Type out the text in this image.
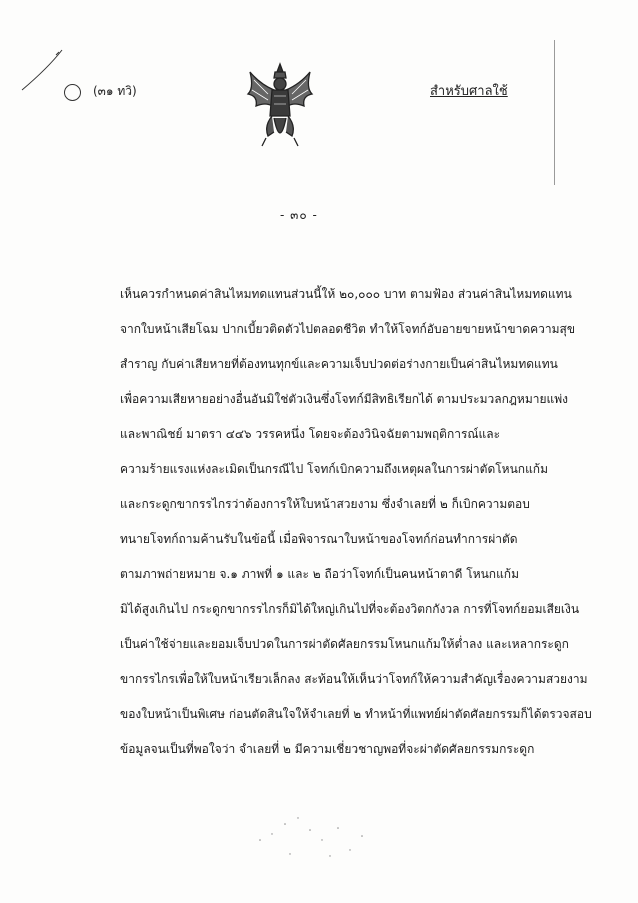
(๓๑ ทวิ)	สำหรับศาลใช้
- ๓๐ -
เห็นควรกำหนดค่าสินไหมทดแทนส่วนนี้ให้ ๒๐,๐๐๐ บาท ตามฟ้อง ส่วนค่าสินไหมทดแทน
จากใบหน้าเสียโฉม ปากเบี้ยวติดตัวไปตลอดชีวิต ทำให้โจทก์อับอายขายหน้าขาดความสุข
สำราญ กับค่าเสียหายที่ต้องทนทุกข์และความเจ็บปวดต่อร่างกายเป็นค่าสินไหมทดแทน
เพื่อความเสียหายอย่างอื่นอันมิใช่ตัวเงินซึ่งโจทก์มีสิทธิเรียกได้ ตามประมวลกฎหมายแพ่ง
และพาณิชย์ มาตรา ๔๔๖ วรรคหนึ่ง โดยจะต้องวินิจฉัยตามพฤติการณ์และ
ความร้ายแรงแห่งละเมิดเป็นกรณีไป โจทก์เบิกความถึงเหตุผลในการผ่าตัดโหนกแก้ม
และกระดูกขากรรไกรว่าต้องการให้ใบหน้าสวยงาม ซึ่งจำเลยที่ ๒ ก็เบิกความตอบ
ทนายโจทก์ถามค้านรับในข้อนี้ เมื่อพิจารณาใบหน้าของโจทก์ก่อนทำการผ่าตัด
ตามภาพถ่ายหมาย จ.๑ ภาพที่ ๑ และ ๒ ถือว่าโจทก์เป็นคนหน้าตาดี โหนกแก้ม
มิได้สูงเกินไป กระดูกขากรรไกรก็มิได้ใหญ่เกินไปที่จะต้องวิตกกังวล การที่โจทก์ยอมเสียเงิน
เป็นค่าใช้จ่ายและยอมเจ็บปวดในการผ่าตัดศัลยกรรมโหนกแก้มให้ต่ำลง และเหลากระดูก
ขากรรไกรเพื่อให้ใบหน้าเรียวเล็กลง สะท้อนให้เห็นว่าโจทก์ให้ความสำคัญเรื่องความสวยงาม
ของใบหน้าเป็นพิเศษ ก่อนตัดสินใจให้จำเลยที่ ๒ ทำหน้าที่แพทย์ผ่าตัดศัลยกรรมก็ได้ตรวจสอบ
ข้อมูลจนเป็นที่พอใจว่า จำเลยที่ ๒ มีความเชี่ยวชาญพอที่จะผ่าตัดศัลยกรรมกระดูก
